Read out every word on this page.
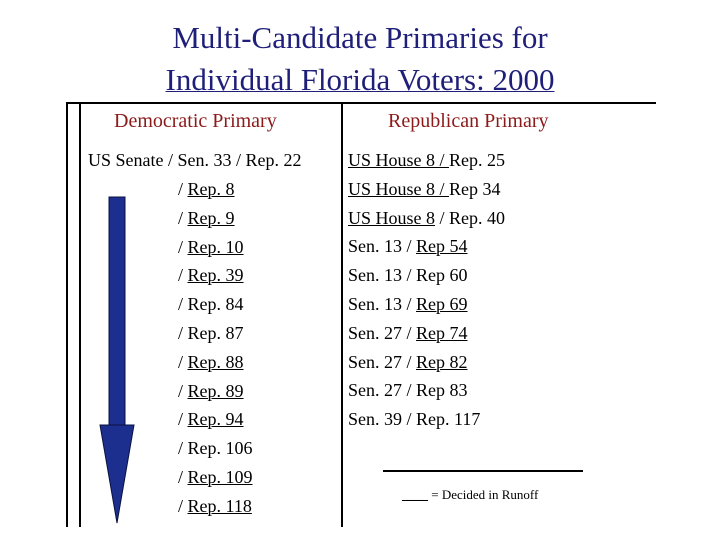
Multi-Candidate Primaries for
Individual Florida Voters: 2000
Democratic Primary	Republican Primary
US Senate / Sen. 33 / Rep. 22
/ Rep. 8
/ Rep. 9
/ Rep. 10
/ Rep. 39
/ Rep. 84
/ Rep. 87
/ Rep. 88
/ Rep. 89
/ Rep. 94
/ Rep. 106
/ Rep. 109
/ Rep. 118
US House 8 / Rep. 25
US House 8 / Rep 34
US House 8 / Rep. 40
Sen. 13 / Rep 54
Sen. 13 / Rep 60
Sen. 13 / Rep 69
Sen. 27 / Rep 74
Sen. 27 / Rep 82
Sen. 27 / Rep 83
Sen. 39 / Rep. 117
____ = Decided in Runoff
